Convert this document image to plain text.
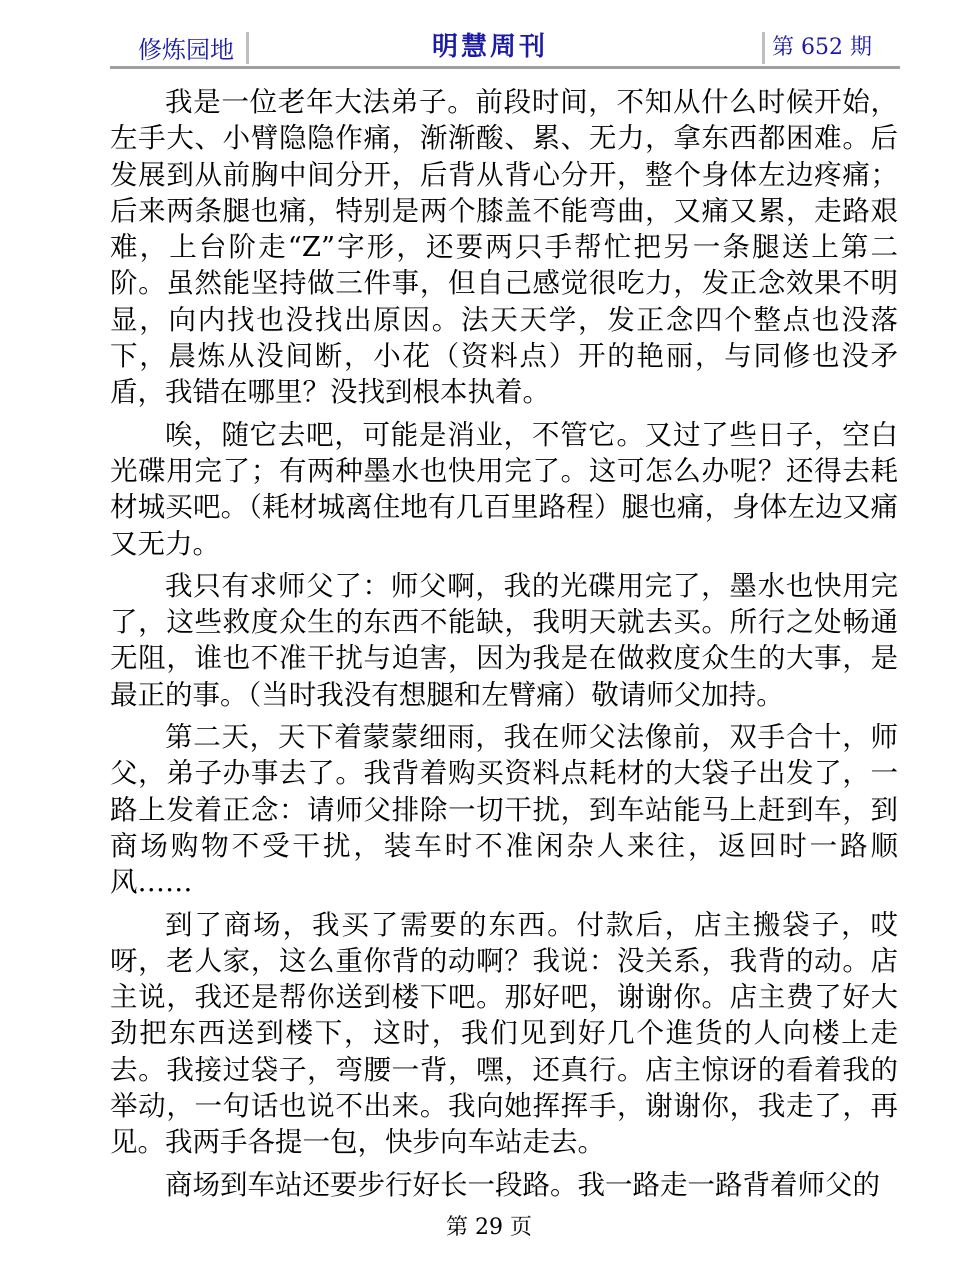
修炼园地	明慧周刊	第 652 期

我是一位老年大法弟子。前段时间，不知从什么时候开始，左手大、小臂隐隐作痛，渐渐酸、累、无力，拿东西都困难。后发展到从前胸中间分开，后背从背心分开，整个身体左边疼痛；后来两条腿也痛，特别是两个膝盖不能弯曲，又痛又累，走路艰难，上台阶走“Z”字形，还要两只手帮忙把另一条腿送上第二阶。虽然能坚持做三件事，但自己感觉很吃力，发正念效果不明显，向内找也没找出原因。法天天学，发正念四个整点也没落下，晨炼从没间断，小花（资料点）开的艳丽，与同修也没矛盾，我错在哪里？没找到根本执着。

唉，随它去吧，可能是消业，不管它。又过了些日子，空白光碟用完了；有两种墨水也快用完了。这可怎么办呢？还得去耗材城买吧。（耗材城离住地有几百里路程）腿也痛，身体左边又痛又无力。

我只有求师父了：师父啊，我的光碟用完了，墨水也快用完了，这些救度众生的东西不能缺，我明天就去买。所行之处畅通无阻，谁也不准干扰与迫害，因为我是在做救度众生的大事，是最正的事。（当时我没有想腿和左臂痛）敬请师父加持。

第二天，天下着蒙蒙细雨，我在师父法像前，双手合十，师父，弟子办事去了。我背着购买资料点耗材的大袋子出发了，一路上发着正念：请师父排除一切干扰，到车站能马上赶到车，到商场购物不受干扰，装车时不准闲杂人来往，返回时一路顺风……

到了商场，我买了需要的东西。付款后，店主搬袋子，哎呀，老人家，这么重你背的动啊？我说：没关系，我背的动。店主说，我还是帮你送到楼下吧。那好吧，谢谢你。店主费了好大劲把东西送到楼下，这时，我们见到好几个進货的人向楼上走去。我接过袋子，弯腰一背，嘿，还真行。店主惊讶的看着我的举动，一句话也说不出来。我向她挥挥手，谢谢你，我走了，再见。我两手各提一包，快步向车站走去。

商场到车站还要步行好长一段路。我一路走一路背着师父的

第 29 页
